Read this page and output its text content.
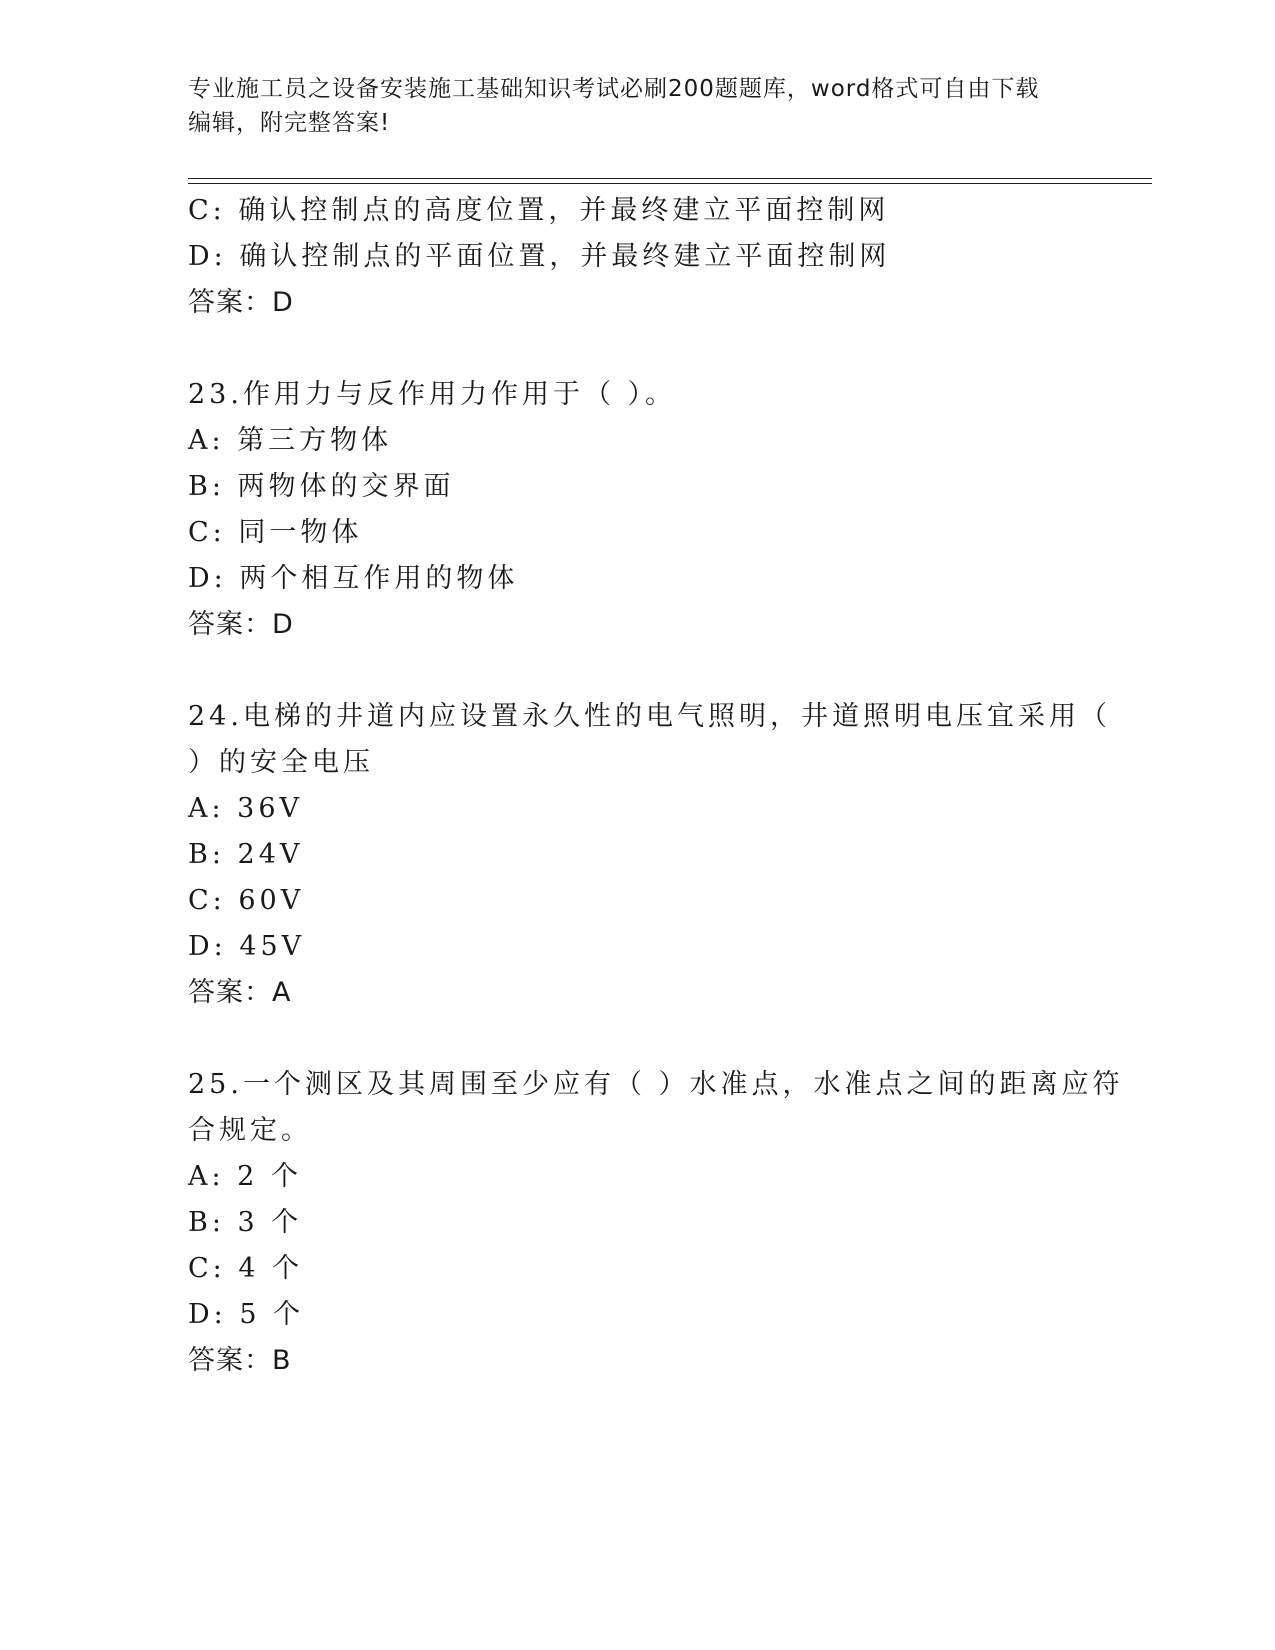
专业施工员之设备安装施工基础知识考试必刷200题题库，word格式可自由下载
编辑，附完整答案!
C: 确认控制点的高度位置，并最终建立平面控制网
D: 确认控制点的平面位置，并最终建立平面控制网
答案：D
23.作用力与反作用力作用于（ ）。
A: 第三方物体
B: 两物体的交界面
C: 同一物体
D: 两个相互作用的物体
答案：D
24.电梯的井道内应设置永久性的电气照明，井道照明电压宜采用（
）的安全电压
A: 36V
B: 24V
C: 60V
D: 45V
答案：A
25.一个测区及其周围至少应有（ ）水准点，水准点之间的距离应符
合规定。
A: 2 个
B: 3 个
C: 4 个
D: 5 个
答案：B
